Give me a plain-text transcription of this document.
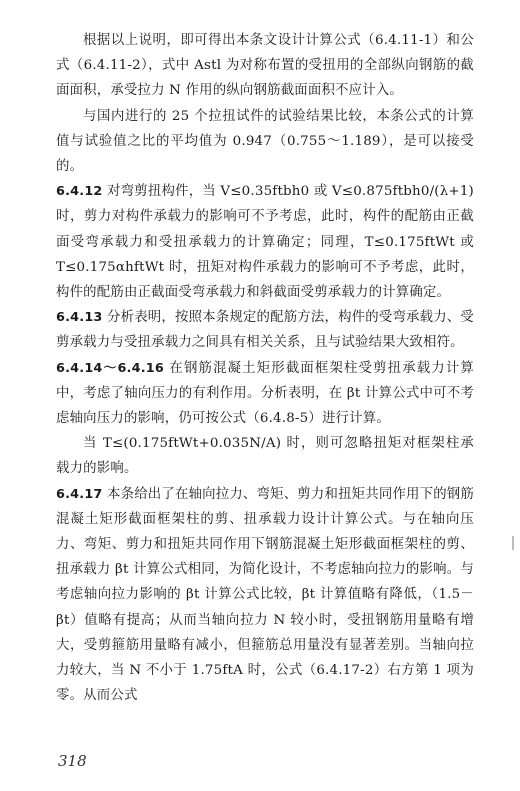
根据以上说明，即可得出本条文设计计算公式（6.4.11-1）和公式（6.4.11-2），式中 Astl 为对称布置的受扭用的全部纵向钢筋的截面面积，承受拉力 N 作用的纵向钢筋截面面积不应计入。

与国内进行的 25 个拉扭试件的试验结果比较，本条公式的计算值与试验值之比的平均值为 0.947（0.755～1.189），是可以接受的。

6.4.12 对弯剪扭构件，当 V≤0.35ftbh0 或 V≤0.875ftbh0/(λ+1) 时，剪力对构件承载力的影响可不予考虑，此时，构件的配筋由正截面受弯承载力和受扭承载力的计算确定；同理，T≤0.175ftWt 或 T≤0.175αhftWt 时，扭矩对构件承载力的影响可不予考虑，此时，构件的配筋由正截面受弯承载力和斜截面受剪承载力的计算确定。

6.4.13 分析表明，按照本条规定的配筋方法，构件的受弯承载力、受剪承载力与受扭承载力之间具有相关关系，且与试验结果大致相符。

6.4.14～6.4.16 在钢筋混凝土矩形截面框架柱受剪扭承载力计算中，考虑了轴向压力的有利作用。分析表明，在 βt 计算公式中可不考虑轴向压力的影响，仍可按公式（6.4.8-5）进行计算。

当 T≤(0.175ftWt+0.035N/A) 时，则可忽略扭矩对框架柱承载力的影响。

6.4.17 本条给出了在轴向拉力、弯矩、剪力和扭矩共同作用下的钢筋混凝土矩形截面框架柱的剪、扭承载力设计计算公式。与在轴向压力、弯矩、剪力和扭矩共同作用下钢筋混凝土矩形截面框架柱的剪、扭承载力 βt 计算公式相同，为简化设计，不考虑轴向拉力的影响。与考虑轴向拉力影响的 βt 计算公式比较，βt 计算值略有降低，（1.5－βt）值略有提高；从而当轴向拉力 N 较小时，受扭钢筋用量略有增大，受剪箍筋用量略有减小，但箍筋总用量没有显著差别。当轴向拉力较大，当 N 不小于 1.75ftA 时，公式（6.4.17-2）右方第 1 项为零。从而公式

318
